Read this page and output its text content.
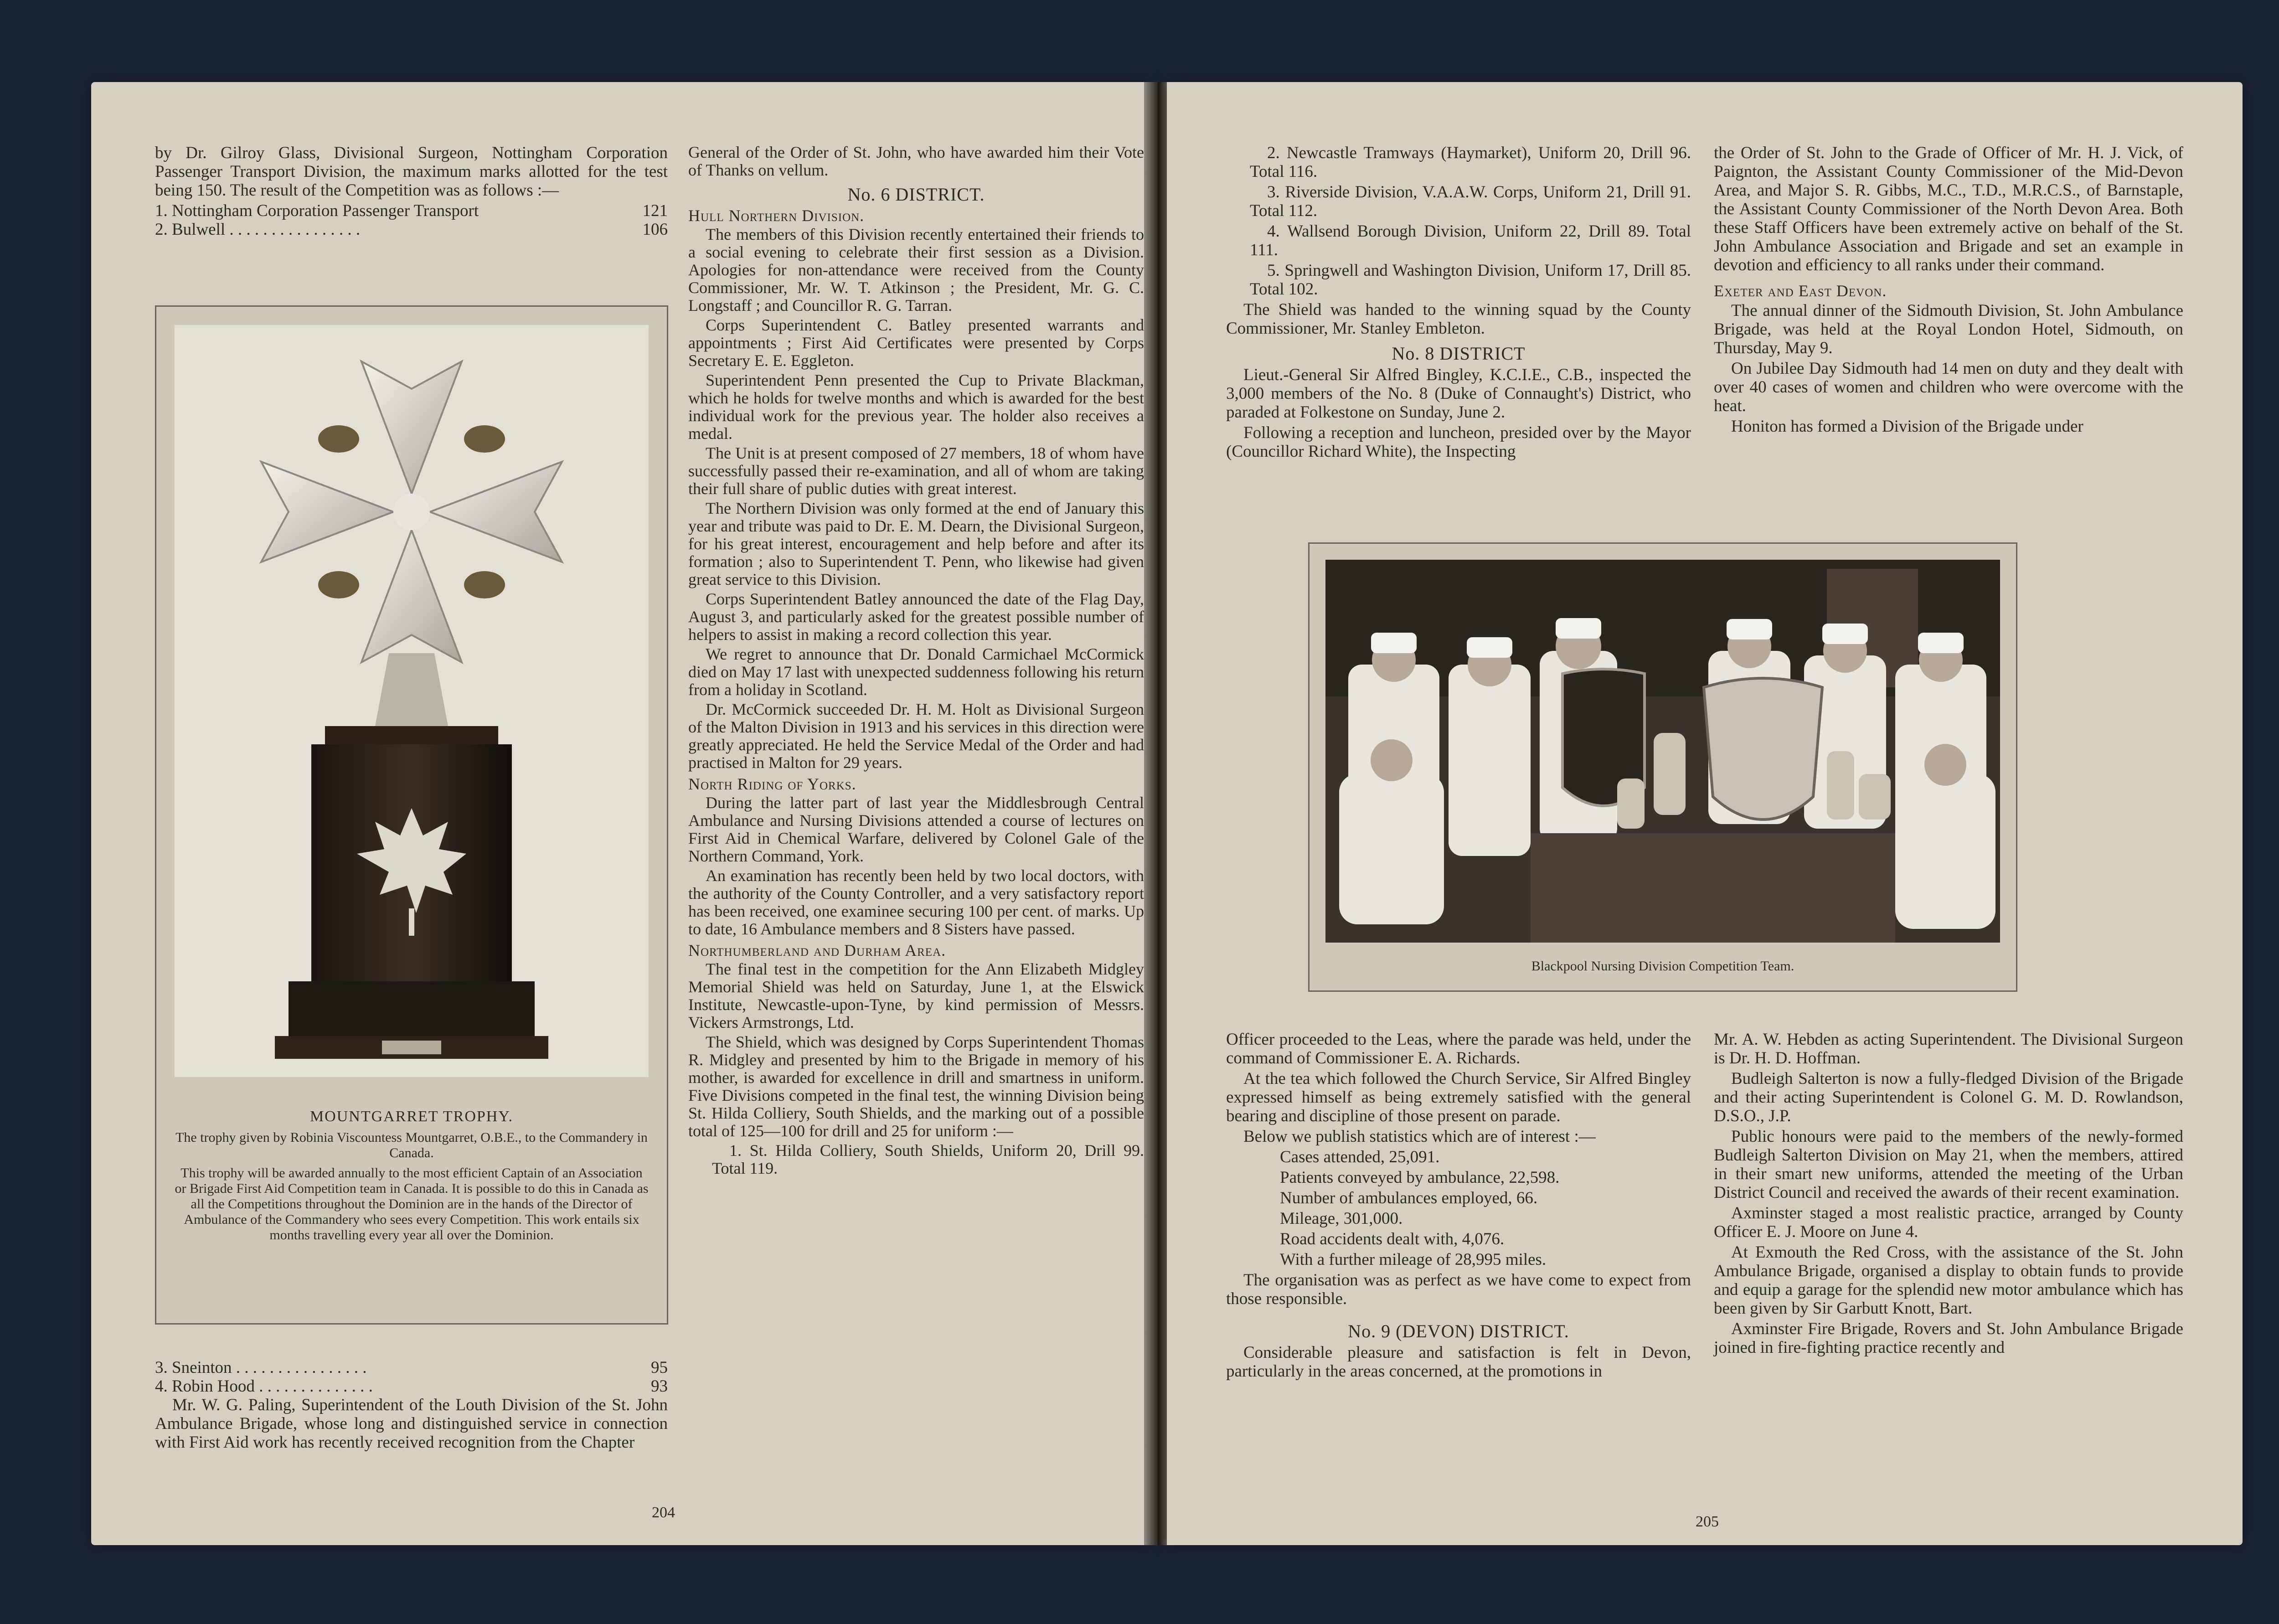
by Dr. Gilroy Glass, Divisional Surgeon, Nottingham Corporation Passenger Transport Division, the maximum marks allotted for the test being 150. The result of the Competition was as follows :—

1. Nottingham Corporation Passenger Transport	121
2. Bulwell . . . . . . . . . . . . . . . .	106
MOUNTGARRET TROPHY.
The trophy given by Robinia Viscountess Mountgarret, O.B.E., to the Commandery in Canada.
This trophy will be awarded annually to the most efficient Captain of an Association or Brigade First Aid Competition team in Canada. It is possible to do this in Canada as all the Competitions throughout the Dominion are in the hands of the Director of Ambulance of the Commandery who sees every Competition. This work entails six months travelling every year all over the Dominion.
3. Sneinton . . . . . . . . . . . . . . . .	95
4. Robin Hood . . . . . . . . . . . . . .	93

Mr. W. G. Paling, Superintendent of the Louth Division of the St. John Ambulance Brigade, whose long and distinguished service in connection with First Aid work has recently received recognition from the Chapter

General of the Order of St. John, who have awarded him their Vote of Thanks on vellum.

No. 6 DISTRICT.
Hull Northern Division.

The members of this Division recently entertained their friends to a social evening to celebrate their first session as a Division. Apologies for non-attendance were received from the County Commissioner, Mr. W. T. Atkinson ; the President, Mr. G. C. Longstaff ; and Councillor R. G. Tarran.

Corps Superintendent C. Batley presented warrants and appointments ; First Aid Certificates were presented by Corps Secretary E. E. Eggleton.

Superintendent Penn presented the Cup to Private Blackman, which he holds for twelve months and which is awarded for the best individual work for the previous year. The holder also receives a medal.

The Unit is at present composed of 27 members, 18 of whom have successfully passed their re-examination, and all of whom are taking their full share of public duties with great interest.

The Northern Division was only formed at the end of January this year and tribute was paid to Dr. E. M. Dearn, the Divisional Surgeon, for his great interest, encouragement and help before and after its formation ; also to Superintendent T. Penn, who likewise had given great service to this Division.

Corps Superintendent Batley announced the date of the Flag Day, August 3, and particularly asked for the greatest possible number of helpers to assist in making a record collection this year.

We regret to announce that Dr. Donald Carmichael McCormick died on May 17 last with unexpected suddenness following his return from a holiday in Scotland.

Dr. McCormick succeeded Dr. H. M. Holt as Divisional Surgeon of the Malton Division in 1913 and his services in this direction were greatly appreciated. He held the Service Medal of the Order and had practised in Malton for 29 years.

North Riding of Yorks.

During the latter part of last year the Middlesbrough Central Ambulance and Nursing Divisions attended a course of lectures on First Aid in Chemical Warfare, delivered by Colonel Gale of the Northern Command, York.

An examination has recently been held by two local doctors, with the authority of the County Controller, and a very satisfactory report has been received, one examinee securing 100 per cent. of marks. Up to date, 16 Ambulance members and 8 Sisters have passed.

Northumberland and Durham Area.

The final test in the competition for the Ann Elizabeth Midgley Memorial Shield was held on Saturday, June 1, at the Elswick Institute, Newcastle-upon-Tyne, by kind permission of Messrs. Vickers Armstrongs, Ltd.

The Shield, which was designed by Corps Superintendent Thomas R. Midgley and presented by him to the Brigade in memory of his mother, is awarded for excellence in drill and smartness in uniform. Five Divisions competed in the final test, the winning Division being St. Hilda Colliery, South Shields, and the marking out of a possible total of 125—100 for drill and 25 for uniform :—

1. St. Hilda Colliery, South Shields, Uniform 20, Drill 99. Total 119.

204

2. Newcastle Tramways (Haymarket), Uniform 20, Drill 96. Total 116.

3. Riverside Division, V.A.A.W. Corps, Uniform 21, Drill 91. Total 112.

4. Wallsend Borough Division, Uniform 22, Drill 89. Total 111.

5. Springwell and Washington Division, Uniform 17, Drill 85. Total 102.

The Shield was handed to the winning squad by the County Commissioner, Mr. Stanley Embleton.

No. 8 DISTRICT

Lieut.-General Sir Alfred Bingley, K.C.I.E., C.B., inspected the 3,000 members of the No. 8 (Duke of Connaught's) District, who paraded at Folkestone on Sunday, June 2.

Following a reception and luncheon, presided over by the Mayor (Councillor Richard White), the Inspecting

the Order of St. John to the Grade of Officer of Mr. H. J. Vick, of Paignton, the Assistant County Commissioner of the Mid-Devon Area, and Major S. R. Gibbs, M.C., T.D., M.R.C.S., of Barnstaple, the Assistant County Commissioner of the North Devon Area. Both these Staff Officers have been extremely active on behalf of the St. John Ambulance Association and Brigade and set an example in devotion and efficiency to all ranks under their command.

Exeter and East Devon.

The annual dinner of the Sidmouth Division, St. John Ambulance Brigade, was held at the Royal London Hotel, Sidmouth, on Thursday, May 9.

On Jubilee Day Sidmouth had 14 men on duty and they dealt with over 40 cases of women and children who were overcome with the heat.

Honiton has formed a Division of the Brigade under

Blackpool Nursing Division Competition Team.

Officer proceeded to the Leas, where the parade was held, under the command of Commissioner E. A. Richards.

At the tea which followed the Church Service, Sir Alfred Bingley expressed himself as being extremely satisfied with the general bearing and discipline of those present on parade.

Below we publish statistics which are of interest :—

Cases attended, 25,091.

Patients conveyed by ambulance, 22,598.

Number of ambulances employed, 66.

Mileage, 301,000.

Road accidents dealt with, 4,076.

With a further mileage of 28,995 miles.

The organisation was as perfect as we have come to expect from those responsible.

No. 9 (DEVON) DISTRICT.

Considerable pleasure and satisfaction is felt in Devon, particularly in the areas concerned, at the promotions in

Mr. A. W. Hebden as acting Superintendent. The Divisional Surgeon is Dr. H. D. Hoffman.

Budleigh Salterton is now a fully-fledged Division of the Brigade and their acting Superintendent is Colonel G. M. D. Rowlandson, D.S.O., J.P.

Public honours were paid to the members of the newly-formed Budleigh Salterton Division on May 21, when the members, attired in their smart new uniforms, attended the meeting of the Urban District Council and received the awards of their recent examination.

Axminster staged a most realistic practice, arranged by County Officer E. J. Moore on June 4.

At Exmouth the Red Cross, with the assistance of the St. John Ambulance Brigade, organised a display to obtain funds to provide and equip a garage for the splendid new motor ambulance which has been given by Sir Garbutt Knott, Bart.

Axminster Fire Brigade, Rovers and St. John Ambulance Brigade joined in fire-fighting practice recently and

205
